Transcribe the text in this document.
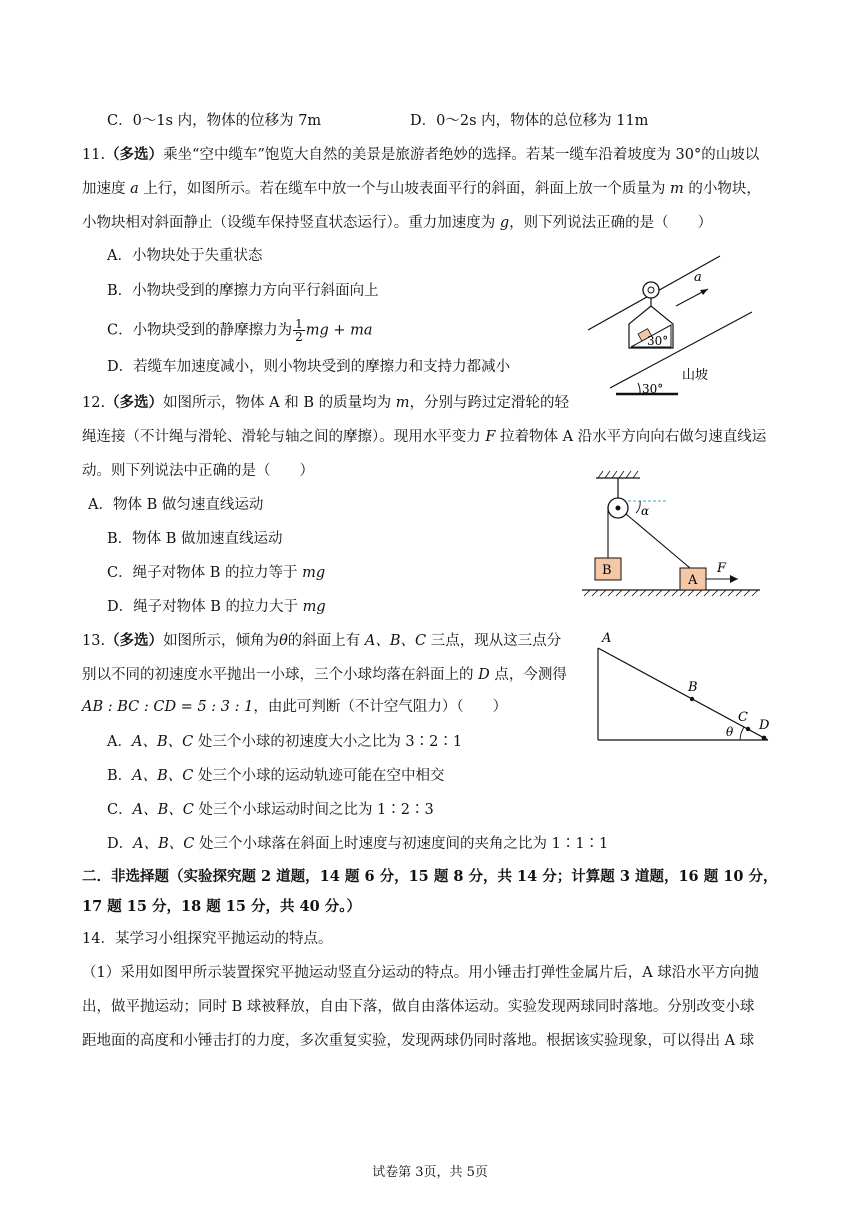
C．0～1s 内，物体的位移为 7m	D．0～2s 内，物体的总位移为 11m
11.（多选）乘坐“空中缆车”饱览大自然的美景是旅游者绝妙的选择。若某一缆车沿着坡度为 30°的山坡以
加速度 a 上行，如图所示。若在缆车中放一个与山坡表面平行的斜面，斜面上放一个质量为 m 的小物块，
小物块相对斜面静止（设缆车保持竖直状态运行）。重力加速度为 g，则下列说法正确的是（　　）
A．小物块处于失重状态
B．小物块受到的摩擦力方向平行斜面向上
C．小物块受到的静摩擦力为 $\frac{1}{2}$ mg + ma
D．若缆车加速度减小，则小物块受到的摩擦力和支持力都减小
30°
山坡
30°
a
12.（多选）如图所示，物体 A 和 B 的质量均为 m，分别与跨过定滑轮的轻
绳连接（不计绳与滑轮、滑轮与轴之间的摩擦）。现用水平变力 F 拉着物体 A 沿水平方向向右做匀速直线运
动。则下列说法中正确的是（　　）
A．物体 B 做匀速直线运动
B．物体 B 做加速直线运动
C．绳子对物体 B 的拉力等于 mg
D．绳子对物体 B 的拉力大于 mg
α
B
A
F
13.（多选）如图所示，倾角为θ的斜面上有 A、B、C 三点，现从这三点分
别以不同的初速度水平抛出一小球，三个小球均落在斜面上的 D 点，今测得
AB : BC : CD = 5 : 3 : 1，由此可判断（不计空气阻力）（　　）
A．A、B、C 处三个小球的初速度大小之比为 3∶2∶1
B．A、B、C 处三个小球的运动轨迹可能在空中相交
C．A、B、C 处三个小球运动时间之比为 1∶2∶3
D．A、B、C 处三个小球落在斜面上时速度与初速度间的夹角之比为 1∶1∶1
A
B
C
D
θ
二．非选择题（实验探究题 2 道题，14 题 6 分，15 题 8 分，共 14 分；计算题 3 道题，16 题 10 分，
17 题 15 分，18 题 15 分，共 40 分。）
14．某学习小组探究平抛运动的特点。
（1）采用如图甲所示装置探究平抛运动竖直分运动的特点。用小锤击打弹性金属片后，A 球沿水平方向抛
出，做平抛运动；同时 B 球被释放，自由下落，做自由落体运动。实验发现两球同时落地。分别改变小球
距地面的高度和小锤击打的力度，多次重复实验，发现两球仍同时落地。根据该实验现象，可以得出 A 球
试卷第 3页，共 5页
